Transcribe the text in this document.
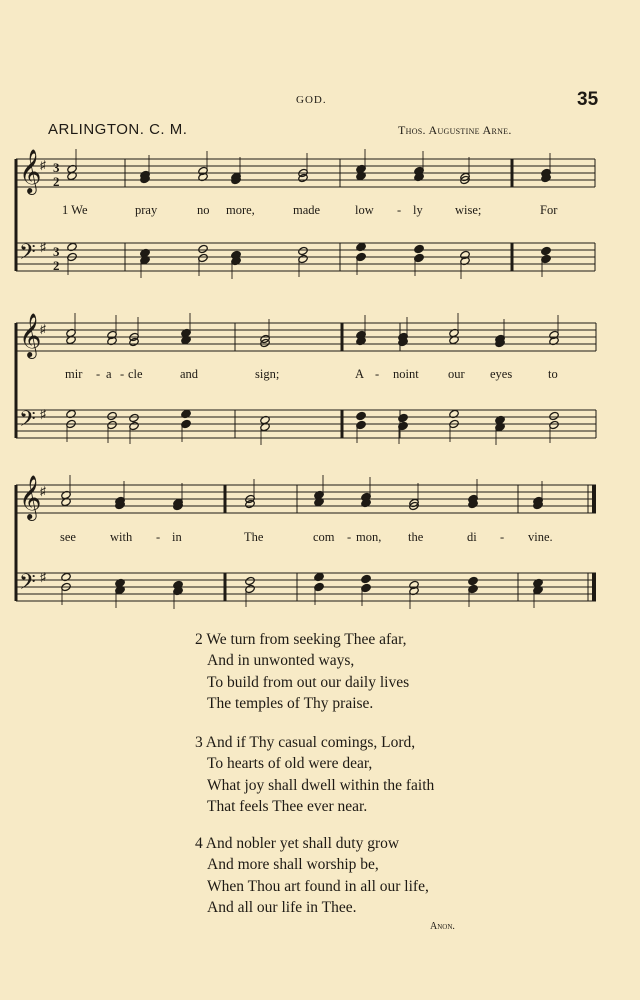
GOD.	35
ARLINGTON. C. M.	Thos. Augustine Arne.
𝄞
♯ 3
2
𝄢 ♯ 3
2
𝄞
♯
𝄢 ♯
𝄞
♯
𝄢 ♯
1 We	pray	no more,	made	low - ly	wise;	For
mir - a - cle	and	sign;	A - noint our eyes	to
see	with - in	The	com - mon, the	di - vine.
2 We turn from seeking Thee afar,
And in unwonted ways,
To build from out our daily lives
The temples of Thy praise.
3 And if Thy casual comings, Lord,
To hearts of old were dear,
What joy shall dwell within the faith
That feels Thee ever near.
4 And nobler yet shall duty grow
And more shall worship be,
When Thou art found in all our life,
And all our life in Thee.
Anon.
